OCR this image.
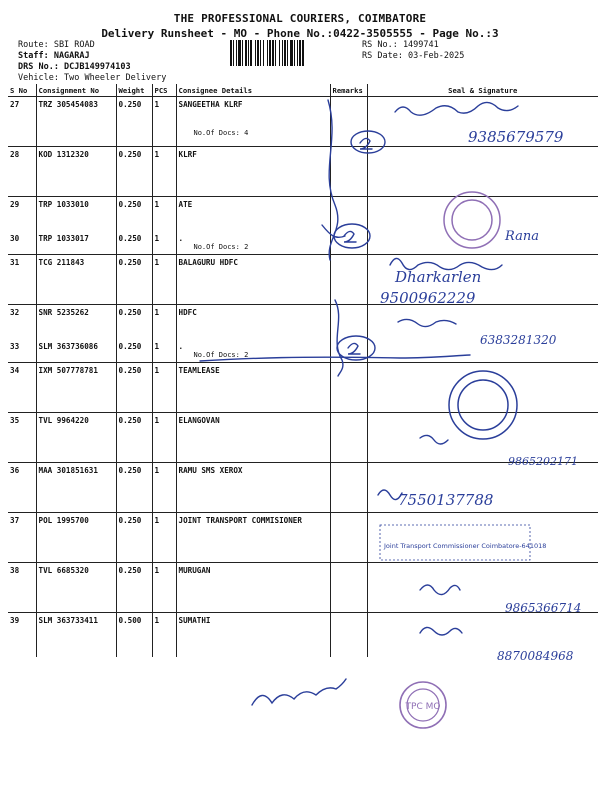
THE PROFESSIONAL COURIERS, COIMBATORE
Delivery Runsheet - MO - Phone No.:0422-3505555 - Page No.:3
Route: SBI ROAD
Staff: NAGARAJ
DRS No.: DCJB149974103
Vehicle: Two Wheeler Delivery
RS No.: 1499741
RS Date: 03-Feb-2025
S No	Consignment No	Weight	PCS	Consignee Details	Remarks	Seal & Signature
27	TRZ 305454083	0.250	1	SANGEETHA KLRF
No.Of Docs: 4		

28	KOD 1312320	0.250	1	KLRF		
29	TRP 1033010	0.250	1	ATE		
30	TRP 1033017	0.250	1	.
No.Of Docs: 2		

31	TCG 211843	0.250	1	BALAGURU HDFC		
32	SNR 5235262	0.250	1	HDFC		
33	SLM 363736086	0.250	1	.
No.Of Docs: 2		

34	IXM 507778781	0.250	1	TEAMLEASE		
35	TVL 9964220	0.250	1	ELANGOVAN		
36	MAA 301851631	0.250	1	RAMU SMS XEROX		
37	POL 1995700	0.250	1	JOINT TRANSPORT COMMISIONER		
38	TVL 6685320	0.250	1	MURUGAN		
39	SLM 363733411	0.500	1	SUMATHI		
9385679579
Rana
Dharkarlen
9500962229
6383281320
9865202171
7550137788
9865366714
8870084968
TPC MO
Joint Transport Commissioner Coimbatore-641018
